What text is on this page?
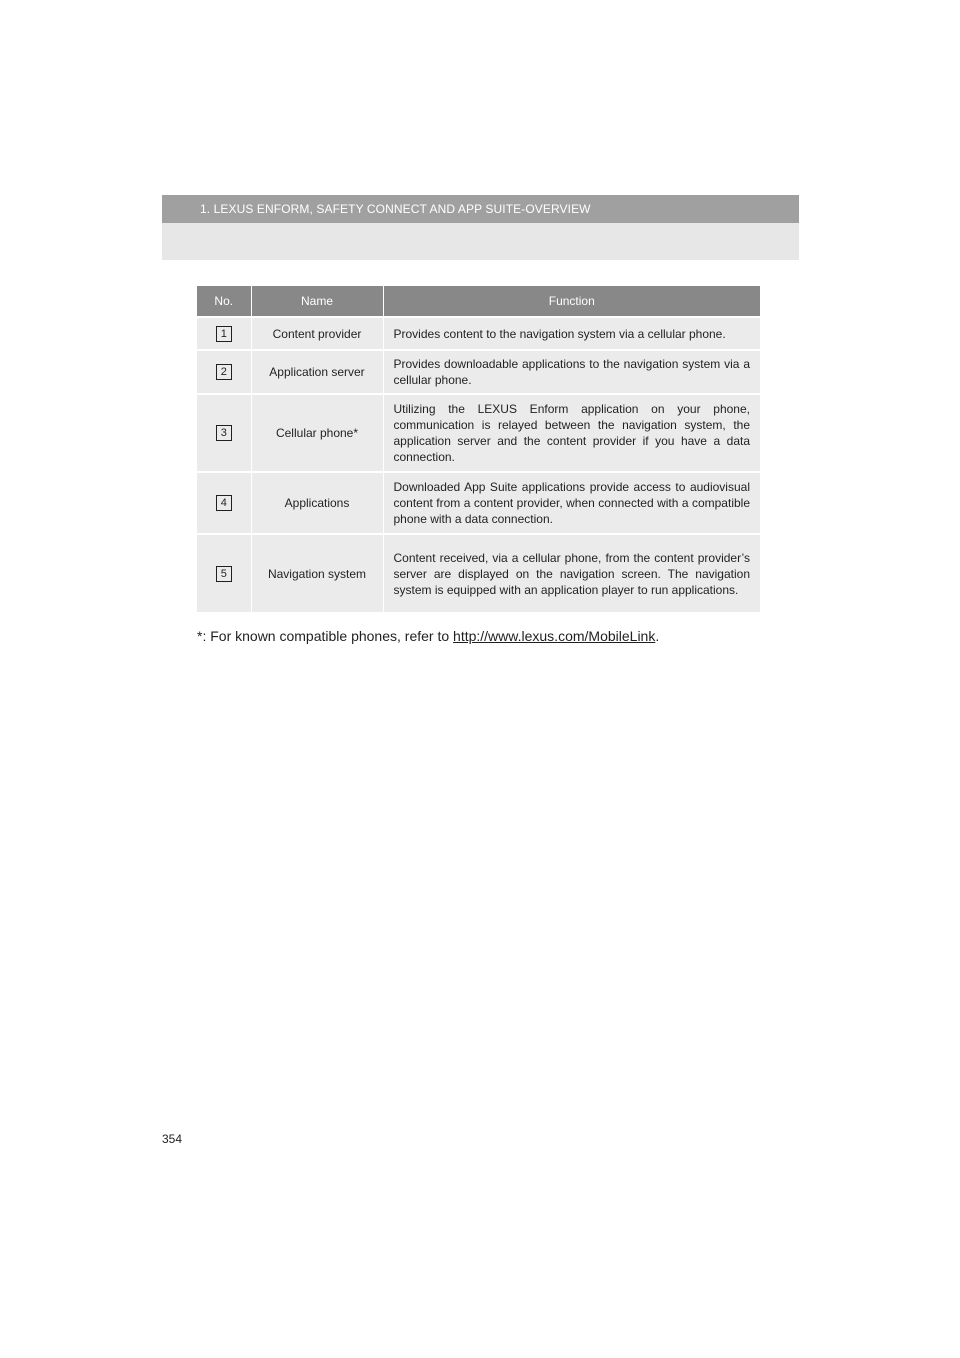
1. LEXUS ENFORM, SAFETY CONNECT AND APP SUITE-OVERVIEW
No.	Name	Function
1	Content provider	Provides content to the navigation system via a cellular phone.
2	Application server	Provides downloadable applications to the navigation system via a cellular phone.
3	Cellular phone*	Utilizing the LEXUS Enform application on your phone, communication is relayed between the navigation system, the application server and the content provider if you have a data connection.
4	Applications	Downloaded App Suite applications provide access to audiovisual content from a content provider, when connected with a compatible phone with a data connection.
5	Navigation system	Content received, via a cellular phone, from the content provider’s server are displayed on the navigation screen. The navigation system is equipped with an application player to run applications.
*: For known compatible phones, refer to http://www.lexus.com/MobileLink.
354
